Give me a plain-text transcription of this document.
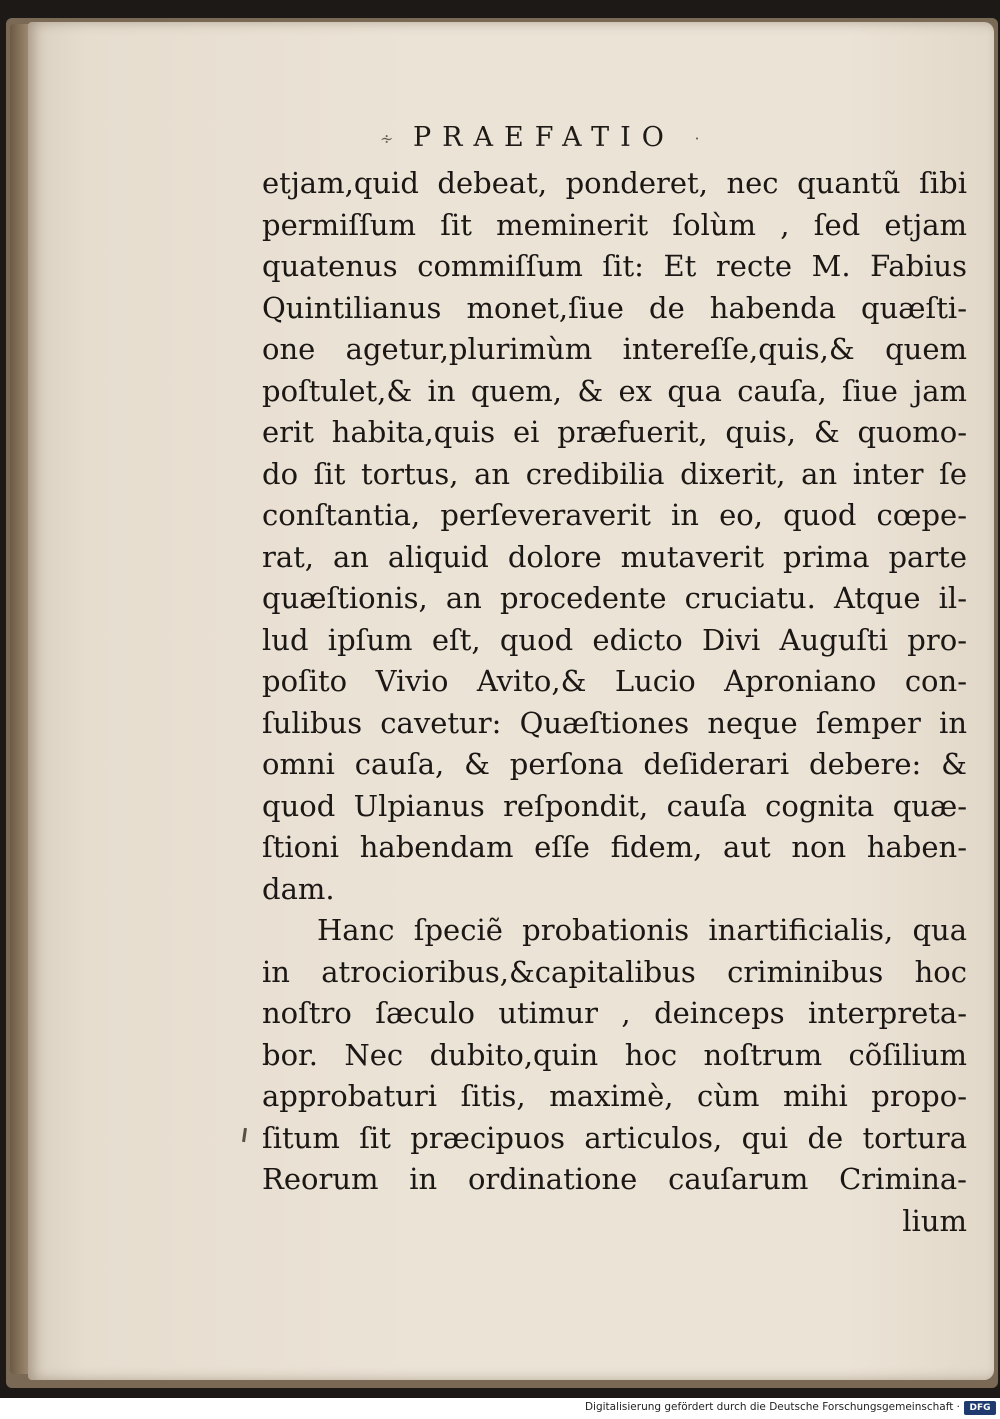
∻ PRAEFATIO ·
etjam,quid debeat, ponderet, nec quantũ ſibi
permiſſum ſit meminerit ſolùm , ſed etjam
quatenus commiſſum ſit: Et recte M. Fabius
Quintilianus monet,ſiue de habenda quæſti-
one agetur,plurimùm intereſſe,quis,& quem
poſtulet,& in quem, & ex qua cauſa, ſiue jam
erit habita,quis ei præfuerit, quis, & quomo-
do ſit tortus, an credibilia dixerit, an inter ſe
conſtantia, perſeveraverit in eo, quod cœpe-
rat, an aliquid dolore mutaverit prima parte
quæſtionis, an procedente cruciatu. Atque il-
lud ipſum eſt, quod edicto Divi Auguſti pro-
poſito Vivio Avito,& Lucio Aproniano con-
ſulibus cavetur: Quæſtiones neque ſemper in
omni cauſa, & perſona deſiderari debere: &
quod Ulpianus reſpondit, cauſa cognita quæ-
ſtioni habendam eſſe fidem, aut non haben-
dam.
Hanc ſpeciẽ probationis inartificialis, qua
in atrocioribus,&capitalibus criminibus hoc
noſtro ſæculo utimur , deinceps interpreta-
bor. Nec dubito,quin hoc noſtrum cõſilium
approbaturi ſitis, maximè, cùm mihi propo-
ſitum ſit præcipuos articulos, qui de tortura
Reorum in ordinatione cauſarum Crimina-
lium
Digitalisierung gefördert durch die Deutsche Forschungsgemeinschaft ·	DFG
